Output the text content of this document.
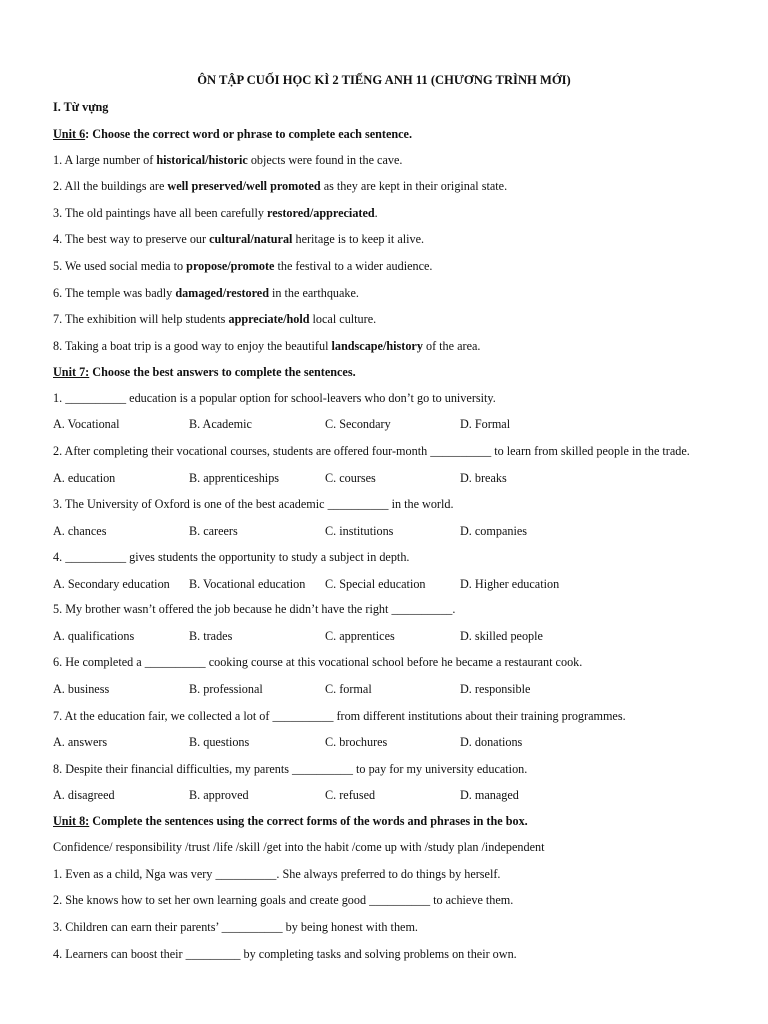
ÔN TẬP CUỐI HỌC KÌ 2 TIẾNG ANH 11 (CHƯƠNG TRÌNH MỚI)
I. Từ vựng
Unit 6: Choose the correct word or phrase to complete each sentence.
1. A large number of historical/historic objects were found in the cave.
2. All the buildings are well preserved/well promoted as they are kept in their original state.
3. The old paintings have all been carefully restored/appreciated.
4. The best way to preserve our cultural/natural heritage is to keep it alive.
5. We used social media to propose/promote the festival to a wider audience.
6. The temple was badly damaged/restored in the earthquake.
7. The exhibition will help students appreciate/hold local culture.
8. Taking a boat trip is a good way to enjoy the beautiful landscape/history of the area.
Unit 7: Choose the best answers to complete the sentences.
1. __________ education is a popular option for school-leavers who don’t go to university.
A. Vocational	B. Academic	C. Secondary	D. Formal
2. After completing their vocational courses, students are offered four-month __________ to learn from skilled people in the trade.
A. education	B. apprenticeships	C. courses	D. breaks
3. The University of Oxford is one of the best academic __________ in the world.
A. chances	B. careers	C. institutions	D. companies
4. __________ gives students the opportunity to study a subject in depth.
A. Secondary education B. Vocational education C. Special education	D. Higher education
5. My brother wasn’t offered the job because he didn’t have the right __________.
A. qualifications	B. trades	C. apprentices	D. skilled people
6. He completed a __________ cooking course at this vocational school before he became a restaurant cook.
A. business	B. professional	C. formal	D. responsible
7. At the education fair, we collected a lot of __________ from different institutions about their training programmes.
A. answers	B. questions	C. brochures	D. donations
8. Despite their financial difficulties, my parents __________ to pay for my university education.
A. disagreed	B. approved	C. refused	D. managed
Unit 8: Complete the sentences using the correct forms of the words and phrases in the box.
Confidence/ responsibility /trust /life /skill /get into the habit /come up with /study plan /independent
1. Even as a child, Nga was very __________. She always preferred to do things by herself.
2. She knows how to set her own learning goals and create good __________ to achieve them.
3. Children can earn their parents’ __________ by being honest with them.
4. Learners can boost their _________ by completing tasks and solving problems on their own.
